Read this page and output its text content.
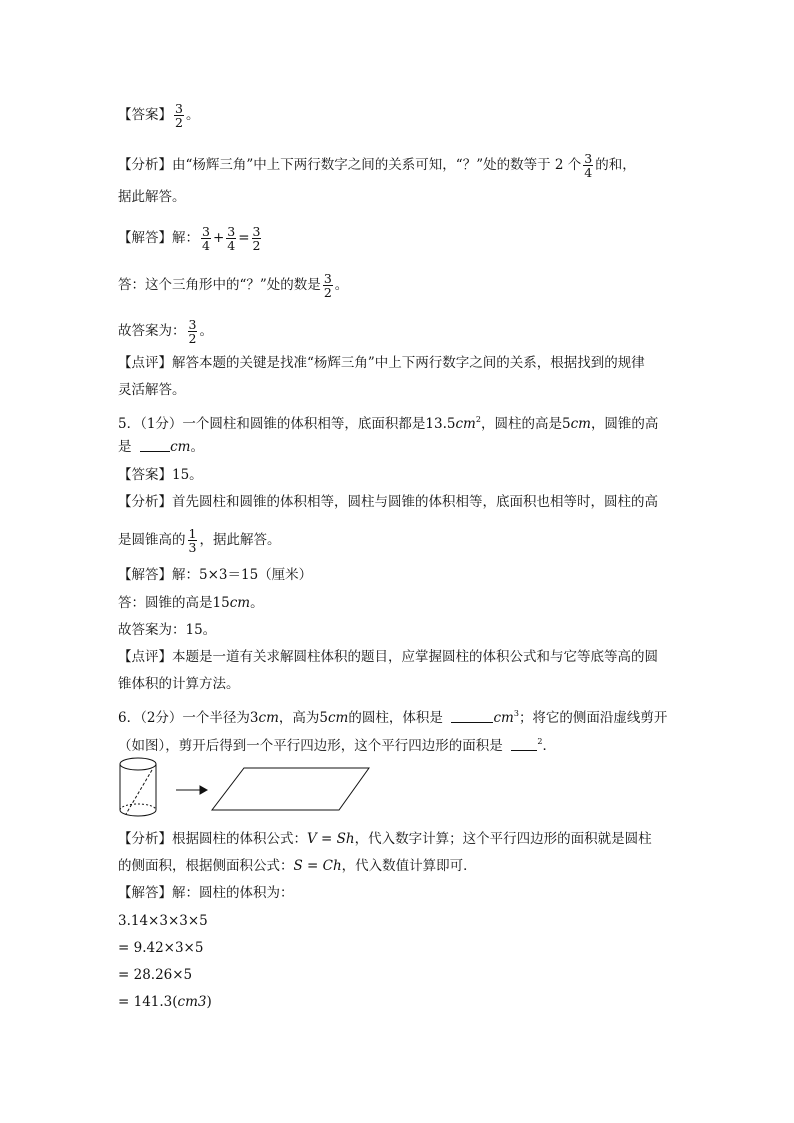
【答案】 $\frac{3}{2}$ 。
【分析】由“杨辉三角”中上下两行数字之间的关系可知，“？”处的数等于 2 个 $\frac{3}{4}$ 的和，
据此解答。
【解答】解： $\frac{3}{4} + \frac{3}{4} = \frac{3}{2}$
答：这个三角形中的“？”处的数是 $\frac{3}{2}$ 。
故答案为： $\frac{3}{2}$ 。
【点评】解答本题的关键是找准“杨辉三角”中上下两行数字之间的关系，根据找到的规律
灵活解答。
5．（1分）一个圆柱和圆锥的体积相等，底面积都是$13.5cm^2$，圆柱的高是5cm，圆锥的高
是	cm。
【答案】15。
【分析】首先圆柱和圆锥的体积相等，圆柱与圆锥的体积相等，底面积也相等时，圆柱的高
是圆锥高的 $\frac{1}{3}$ ，据此解答。
【解答】解：5×3＝15（厘米）
答：圆锥的高是15cm。
故答案为：15。
【点评】本题是一道有关求解圆柱体积的题目，应掌握圆柱的体积公式和与它等底等高的圆
锥体积的计算方法。
6．（2分）一个半径为3cm，高为5cm的圆柱，体积是	$cm^3$；将它的侧面沿虚线剪开
（如图），剪开后得到一个平行四边形，这个平行四边形的面积是	$^2$．
【分析】根据圆柱的体积公式：V = Sh，代入数字计算；这个平行四边形的面积就是圆柱
的侧面积，根据侧面积公式：S = Ch，代入数值计算即可．
【解答】解：圆柱的体积为：
3.14×3×3×5
= 9.42×3×5
= 28.26×5
= 141.3(cm3)
